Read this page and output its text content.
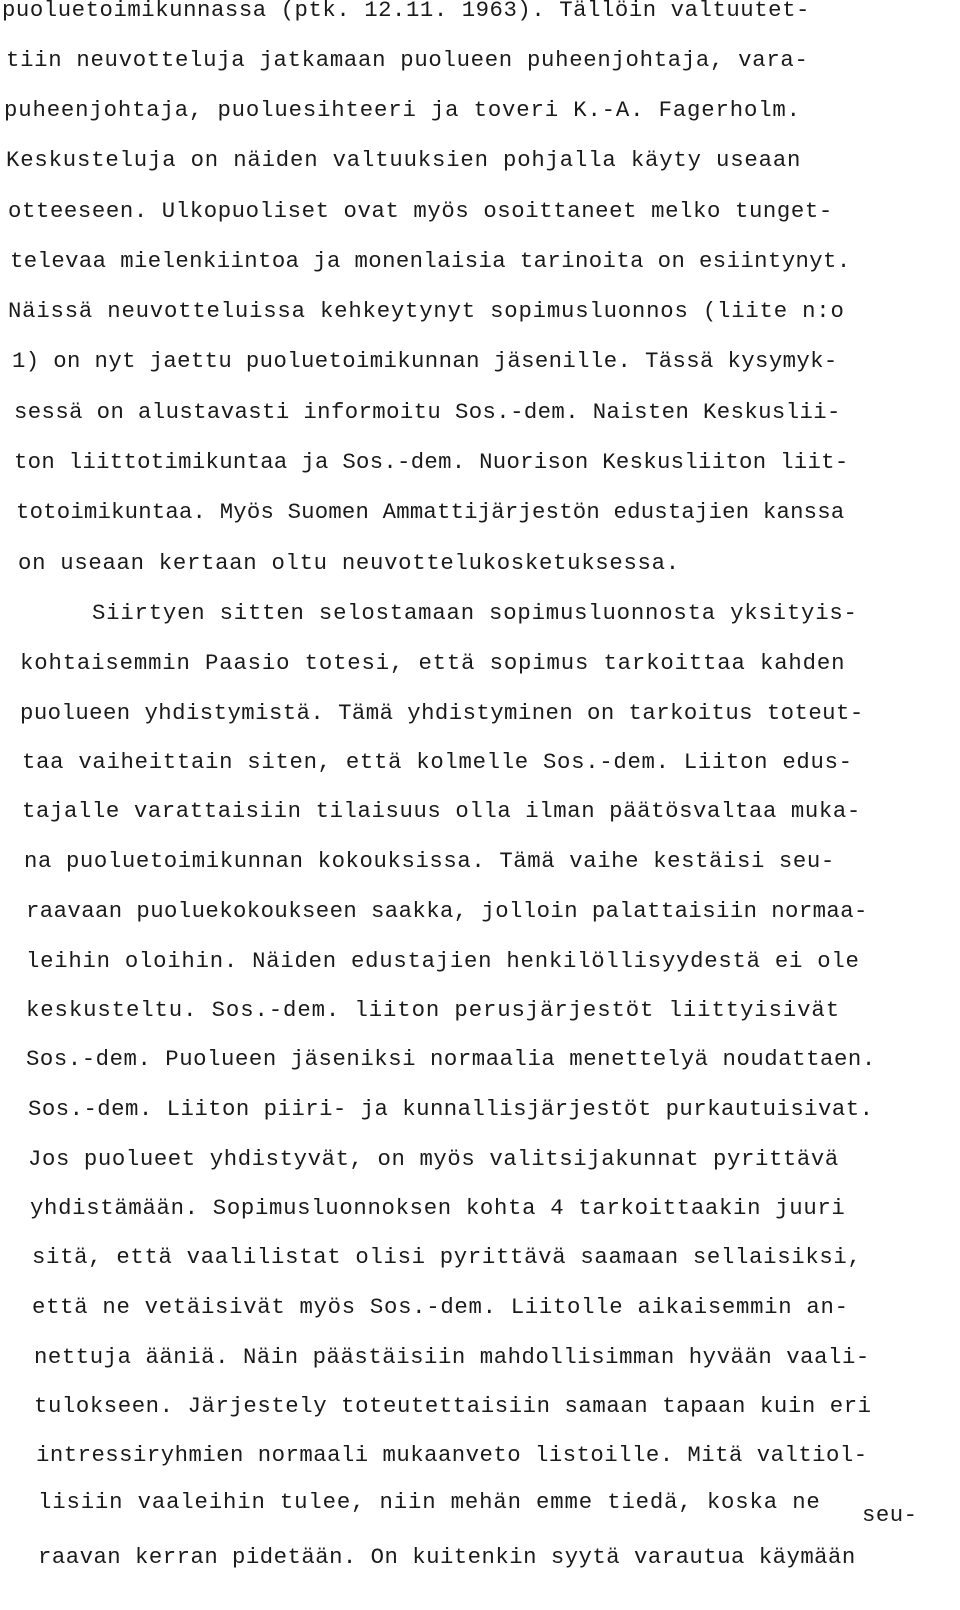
puoluetoimikunnassa (ptk. 12.11. 1963). Tällöin valtuutet-
tiin neuvotteluja jatkamaan puolueen puheenjohtaja, vara-
puheenjohtaja, puoluesihteeri ja toveri K.-A. Fagerholm.
Keskusteluja on näiden valtuuksien pohjalla käyty useaan
otteeseen. Ulkopuoliset ovat myös osoittaneet melko tunget-
televaa mielenkiintoa ja monenlaisia tarinoita on esiintynyt.
Näissä neuvotteluissa kehkeytynyt sopimusluonnos (liite n:o
1) on nyt jaettu puoluetoimikunnan jäsenille. Tässä kysymyk-
sessä on alustavasti informoitu Sos.-dem. Naisten Keskuslii-
ton liittotimikuntaa ja Sos.-dem. Nuorison Keskusliiton liit-
totoimikuntaa. Myös Suomen Ammattijärjestön edustajien kanssa
on useaan kertaan oltu neuvottelukosketuksessa.
Siirtyen sitten selostamaan sopimusluonnosta yksityis-
kohtaisemmin Paasio totesi, että sopimus tarkoittaa kahden
puolueen yhdistymistä. Tämä yhdistyminen on tarkoitus toteut-
taa vaiheittain siten, että kolmelle Sos.-dem. Liiton edus-
tajalle varattaisiin tilaisuus olla ilman päätösvaltaa muka-
na puoluetoimikunnan kokouksissa. Tämä vaihe kestäisi seu-
raavaan puoluekokoukseen saakka, jolloin palattaisiin normaa-
leihin oloihin. Näiden edustajien henkilöllisyydestä ei ole
keskusteltu. Sos.-dem. liiton perusjärjestöt liittyisivät
Sos.-dem. Puolueen jäseniksi normaalia menettelyä noudattaen.
Sos.-dem. Liiton piiri- ja kunnallisjärjestöt purkautuisivat.
Jos puolueet yhdistyvät, on myös valitsijakunnat pyrittävä
yhdistämään. Sopimusluonnoksen kohta 4 tarkoittaakin juuri
sitä, että vaalilistat olisi pyrittävä saamaan sellaisiksi,
että ne vetäisivät myös Sos.-dem. Liitolle aikaisemmin an-
nettuja ääniä. Näin päästäisiin mahdollisimman hyvään vaali-
tulokseen. Järjestely toteutettaisiin samaan tapaan kuin eri
intressiryhmien normaali mukaanveto listoille. Mitä valtiol-
lisiin vaaleihin tulee, niin mehän emme tiedä, koska ne seu-
raavan kerran pidetään. On kuitenkin syytä varautua käymään
